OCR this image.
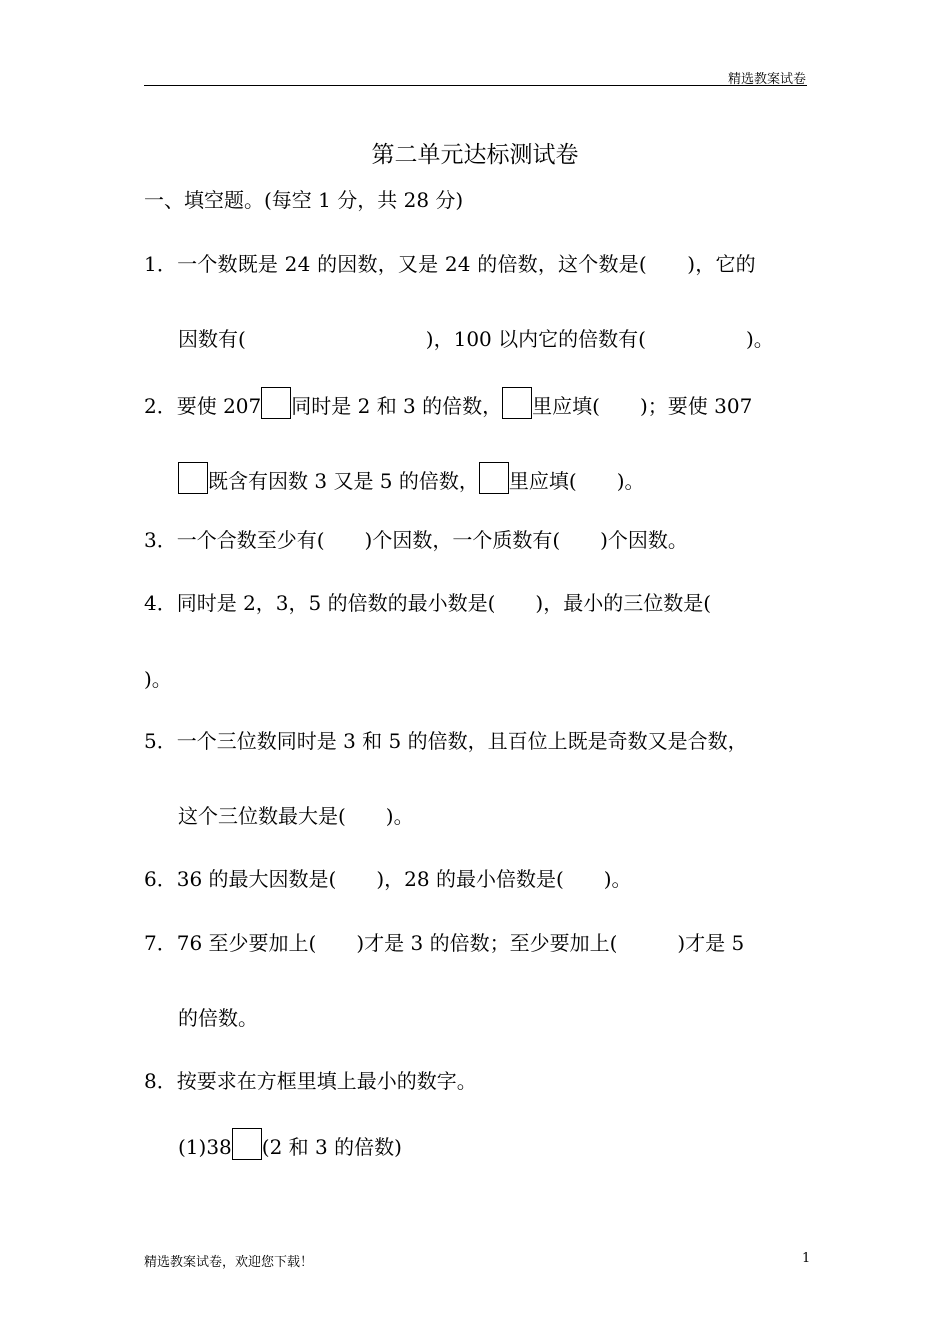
精选教案试卷
第二单元达标测试卷
一、填空题。(每空 1 分，共 28 分)
1．一个数既是 24 的因数，又是 24 的倍数，这个数是(　　)，它的
因数有(　　　　　　　　　)，100 以内它的倍数有(　　　　　)。
2．要使 207 同时是 2 和 3 的倍数， 里应填(　　)；要使 307
既含有因数 3 又是 5 的倍数， 里应填(　　)。
3．一个合数至少有(　　)个因数，一个质数有(　　)个因数。
4．同时是 2，3，5 的倍数的最小数是(　　)，最小的三位数是(
)。
5．一个三位数同时是 3 和 5 的倍数，且百位上既是奇数又是合数，
这个三位数最大是(　　)。
6．36 的最大因数是(　　)，28 的最小倍数是(　　)。
7．76 至少要加上(　　)才是 3 的倍数；至少要加上(　　　)才是 5
的倍数。
8．按要求在方框里填上最小的数字。
(1)38 (2 和 3 的倍数)
精选教案试卷，欢迎您下载！	1
